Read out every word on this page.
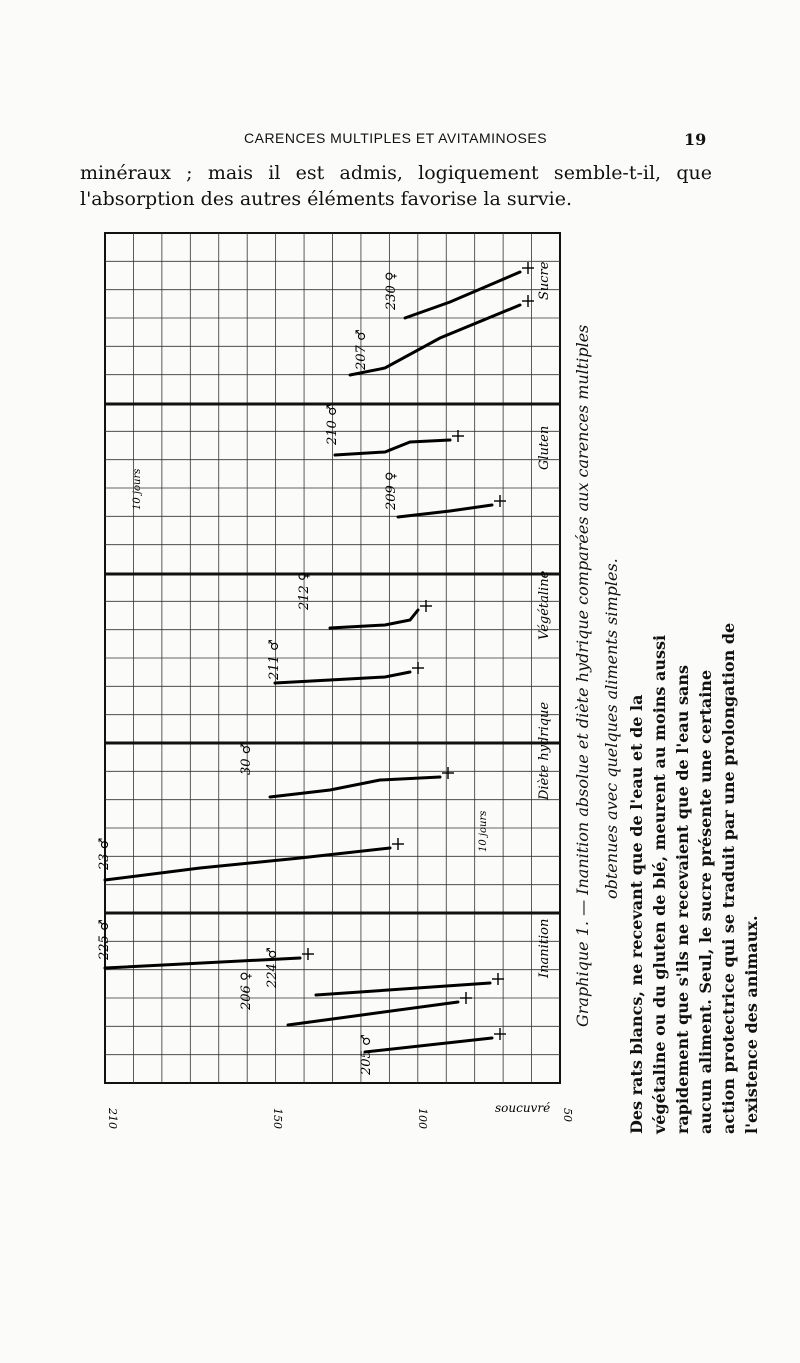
CARENCES MULTIPLES ET AVITAMINOSES	19
minéraux ; mais il est admis, logiquement semble-t-il, que l'absorption des autres éléments favorise la survie.
225 ♂
224 ♂
206 ♀
205 ♂
23 ♂
30 ♂
211 ♂
212 ♀
209 ♀
210 ♂
207 ♂
230 ♀
Inanition
Diète hydrique
Végétaline
Gluten
Sucre
210	150	100	50
10 jours
10 jours
soucuvré
Graphique 1. — Inanition absolue et diète hydrique comparées aux carences multiples obtenues avec quelques aliments simples. Des rats blancs, ne recevant que de l'eau et de la végétaline ou du gluten de blé, meurent au moins aussi rapidement que s'ils ne recevaient que de l'eau sans aucun aliment. Seul, le sucre présente une certaine action protectrice qui se traduit par une prolongation de l'existence des animaux.
